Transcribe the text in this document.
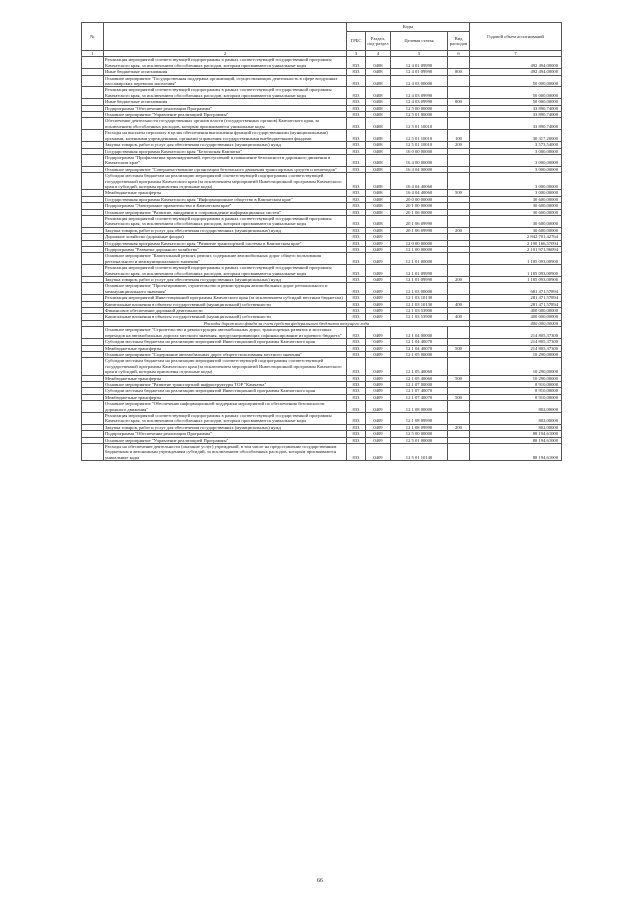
№		Коды				Годовой объем ассигнований
		ГРБС	Раздел, под-раздел	Целевая статья	Вид расходов	
1	2	3	4	5	6	7
	Реализация мероприятий соответствующей подпрограммы в рамках соответствующей государственной программы Камчатского края, за исключением обособленных расходов, которым присваиваются уникальные коды	833	0408	12 4 01 09990		492 494,00000
	Иные бюджетные ассигнования	833	0408	12 4 01 09990	800	492 494,00000
	Основное мероприятие "Государственная поддержка организаций, осуществляющих деятельность в сфере воздушных пассажирских перевозок населения"	833	0408	12 4 03 00000		50 000,00000
	Реализация мероприятий соответствующей подпрограммы в рамках соответствующей государственной программы Камчатского края, за исключением обособленных расходов, которым присваиваются уникальные коды	833	0408	12 4 03 09990		50 000,00000
	Иные бюджетные ассигнования	833	0408	12 4 03 09990	800	50 000,00000
	Подпрограмма "Обеспечение реализации Программы"	833	0408	12 5 00 00000		33 890,74000
	Основное мероприятие "Управление реализацией Программы"	833	0408	12 5 01 00000		33 890,74000
	Обеспечение деятельности государственных органов власти (государственных органов) Камчатского края, за исключением обособленных расходов, которым присваиваются уникальные коды	833	0408	12 5 01 10010		33 890,74000
	Расходы на выплаты персоналу в целях обеспечения выполнения функций государственными (муниципальными) органами, казенными учреждениями, органами управления государственными внебюджетными фондами	833	0408	12 5 01 10010	100	30 317,20000
	Закупка товаров, работ и услуг для обеспечения государственных (муниципальных) нужд	833	0408	12 5 01 10010	200	3 573,54000
	Государственная программа Камчатского края "Безопасная Камчатка"	833	0408	16 0 00 00000		3 000,00000
	Подпрограмма "Профилактика правонарушений, преступлений и повышение безопасности дорожного движения в Камчатском крае"	833	0408	16 4 00 00000		3 000,00000
	Основное мероприятие "Совершенствование организации безопасного движения транспортных средств и пешеходов"	833	0408	16 4 04 00000		3 000,00000
	Субсидии местным бюджетам на реализацию мероприятий соответствующей подпрограммы соответствующей государственной программы Камчатского края (за исключением мероприятий Инвестиционной программы Камчатского края и субсидий, которым присвоены отдельные коды)	833	0408	16 4 04 40060		3 000,00000
	Межбюджетные трансферты	833	0408	16 4 04 40060	500	3 000,00000
	Государственная программа Камчатского края "Информационное общество в Камчатском крае"	833	0408	20 0 00 00000		30 600,00000
	Подпрограмма "Электронное правительство в Камчатском крае"	833	0408	20 1 00 00000		30 600,00000
	Основное мероприятие "Развитие, внедрение и сопровождение информационных систем"	833	0408	20 1 06 00000		30 600,00000
	Реализация мероприятий соответствующей подпрограммы в рамках соответствующей государственной программы Камчатского края, за исключением обособленных расходов, которым присваиваются уникальные коды	833	0408	20 1 06 09990		30 600,00000
	Закупка товаров, работ и услуг для обеспечения государственных (муниципальных) нужд	833	0408	20 1 06 09990	200	30 600,00000
	Дорожное хозяйство (дорожные фонды)	833	0409			2 842 701,42764
	Государственная программа Камчатского края "Развитие транспортной системы в Камчатском крае"	833	0409	12 0 00 00000		2 190 166,57094
	Подпрограмма "Развитие дорожного хозяйства"	833	0409	12 1 00 00000		2 101 971,96094
	Основное мероприятие "Капитальный ремонт, ремонт, содержание автомобильных дорог общего пользования регионального и межмуниципального значения"	833	0409	12 1 01 00000		1 185 093,00900
	Реализация мероприятий соответствующей подпрограммы в рамках соответствующей государственной программы Камчатского края, за исключением обособленных расходов, которым присваиваются уникальные коды	833	0409	12 1 01 09990		1 185 093,00900
	Закупка товаров, работ и услуг для обеспечения государственных (муниципальных) нужд	833	0409	12 1 01 09990	200	1 185 093,00900
	Основное мероприятие "Проектирование, строительство и реконструкция автомобильных дорог регионального и межмуниципального значения"	833	0409	12 1 03 00000		681 471,57894
	Реализация мероприятий Инвестиционной программы Камчатского края (за исключением субсидий местным бюджетам)	833	0409	12 1 03 10130		281 471,57894
	Капитальные вложения в объекты государственной (муниципальной) собственности	833	0409	12 1 03 10130	400	281 471,57894
	Финансовое обеспечение дорожной деятельности	833	0409	12 1 03 53900		400 000,00000
	Капитальные вложения в объекты государственной (муниципальной) собственности	833	0409	12 1 03 53900	400	400 000,00000
	Расходы дорожного фонда за счет средств федерального бюджета текущего года					400 000,00000
	Основное мероприятие "Строительство и реконструкция автомобильных дорог, транспортных развязок и мостовых переходов на автомобильных дорогах местного значения, предусматривающих софинансирование из краевого бюджета"	833	0409	12 1 04 00000		214 805,37300
	Субсидии местным бюджетам на реализацию мероприятий Инвестиционной программы Камчатского края	833	0409	12 1 04 40070		214 805,37300
	Межбюджетные трансферты	833	0409	12 1 04 40070	500	214 805,37300
	Основное мероприятие "Содержание автомобильных дорог общего пользования местного значения"	833	0409	12 1 05 00000		10 290,00000
	Субсидии местным бюджетам на реализацию мероприятий соответствующей подпрограммы соответствующей государственной программы Камчатского края (за исключением мероприятий Инвестиционной программы Камчатского края и субсидий, которым присвоены отдельные коды)	833	0409	12 1 05 40060		10 290,00000
	Межбюджетные трансферты	833	0409	12 1 05 40060	500	10 290,00000
	Основное мероприятие "Развитие транспортной инфраструктуры ТОР "Камчатка"	833	0409	12 1 07 00000		8 910,00000
	Субсидии местным бюджетам на реализацию мероприятий Инвестиционной программы Камчатского края	833	0409	12 1 07 40070		8 910,00000
	Межбюджетные трансферты	833	0409	12 1 07 40070	500	8 910,00000
	Основное мероприятие "Обеспечение информационной поддержки мероприятий по обеспечению безопасности дорожного движения"	833	0409	12 1 08 00000		802,00000
	Реализация мероприятий соответствующей подпрограммы в рамках соответствующей государственной программы Камчатского края, за исключением обособленных расходов, которым присваиваются уникальные коды	833	0409	12 1 08 09990		802,00000
	Закупка товаров, работ и услуг для обеспечения государственных (муниципальных) нужд	833	0409	12 1 08 09990	200	802,00000
	Подпрограмма "Обеспечение реализации Программы"	833	0409	12 5 00 00000		88 194,61000
	Основное мероприятие "Управление реализацией Программы"	833	0409	12 5 01 00000		88 194,61000
	Расходы на обеспечение деятельности (оказание услуг) учреждений, в том числе на предоставление государственным бюджетным и автономным учреждениям субсидий, за исключением обособленных расходов, которым присваиваются уникальные коды	833	0409	12 5 01 10140		88 194,61000
66
